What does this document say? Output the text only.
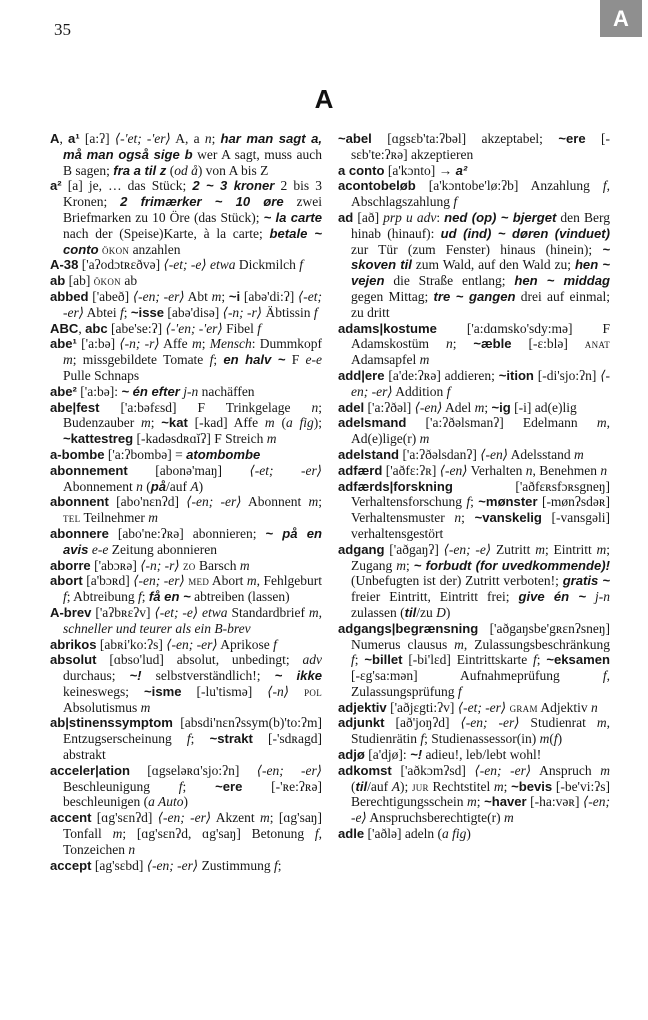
35	A
A

A, a¹ [a:ʔ] ⟨-'et; -'er⟩ A, a n; har man sagt a, må man også sige b wer A sagt, muss auch B sagen; fra a til z (od å) von A bis Z

a² [a] je, … das Stück; 2 ~ 3 kroner 2 bis 3 Kronen; 2 frimærker ~ 10 øre zwei Briefmarken zu 10 Öre (das Stück); ~ la carte nach der (Speise)Karte, à la carte; betale ~ conto ökon anzahlen

A-38 ['aʔodɔtʀɛðvə] ⟨-et; -e⟩ etwa Dickmilch f

ab [ab] ökon ab

abbed ['abeð] ⟨-en; -er⟩ Abt m; ~i [abə'di:ʔ] ⟨-et; -er⟩ Abtei f; ~isse [abə'disə] ⟨-n; -r⟩ Äbtissin f

ABC, abc [abe'se:ʔ] ⟨-'en; -'er⟩ Fibel f

abe¹ ['a:bə] ⟨-n; -r⟩ Affe m; Mensch: Dummkopf m; missgebildete Tomate f; en halv ~ F e-e Pulle Schnaps

abe² ['a:bə]: ~ én efter j-n nachäffen

abe|fest ['a:bəfɛsd] F Trinkgelage n; Budenzauber m; ~kat [-kad] Affe m (a fig); ~kattestreg [-kadəsdʀɑĭʔ] F Streich m

a-bombe ['a:ʔbombə] = atombombe

abonnement [abonə'maŋ] ⟨-et; -er⟩ Abonnement n (på/auf A)

abonnent [abo'nɛnʔd] ⟨-en; -er⟩ Abonnent m; tel Teilnehmer m

abonnere [abo'ne:ʔʀə] abonnieren; ~ på en avis e-e Zeitung abonnieren

aborre ['abɔʀə] ⟨-n; -r⟩ zo Barsch m

abort [a'bɔʀd] ⟨-en; -er⟩ med Abort m, Fehlgeburt f; Abtreibung f; få en ~ abtreiben (lassen)

A-brev ['aʔbʀɛʔv] ⟨-et; -e⟩ etwa Standardbrief m, schneller und teurer als ein B-brev

abrikos [abʀi'ko:ʔs] ⟨-en; -er⟩ Aprikose f

absolut [ɑbso'lud] absolut, unbedingt; adv durchaus; ~! selbstverständlich!; ~ ikke keineswegs; ~isme [-lu'tismə] ⟨-n⟩ pol Absolutismus m

ab|stinenssymptom [absdi'nɛnʔssym(b)'to:ʔm] Entzugserscheinung f; ~strakt [-'sdʀagd] abstrakt

acceler|ation [ɑgseləʀɑ'sjo:ʔn] ⟨-en; -er⟩ Beschleunigung f; ~ere [-'ʀe:ʔʀə] beschleunigen (a Auto)

accent [ɑg'sɛnʔd] ⟨-en; -er⟩ Akzent m; [ɑg'saŋ] Tonfall m; [ɑg'sɛnʔd, ɑg'saŋ] Betonung f, Tonzeichen n

accept [ag'sɛbd] ⟨-en; -er⟩ Zustimmung f;

~abel [ɑgsɛb'ta:ʔbəl] akzeptabel; ~ere [-sɛb'te:ʔʀə] akzeptieren

a conto [a'kɔnto] → a²

acontobeløb [a'kɔntobe'lø:ʔb] Anzahlung f, Abschlagszahlung f

ad [að] prp u adv: ned (op) ~ bjerget den Berg hinab (hinauf): ud (ind) ~ døren (vinduet) zur Tür (zum Fenster) hinaus (hinein); ~ skoven til zum Wald, auf den Wald zu; hen ~ vejen die Straße entlang; hen ~ middag gegen Mittag; tre ~ gangen drei auf einmal; zu dritt

adams|kostume ['a:dɑmsko'sdy:mə] F Adamskostüm n; ~æble [-ɛ:blə] anat Adamsapfel m

add|ere [a'de:ʔʀə] addieren; ~ition [-di'sjo:ʔn] ⟨-en; -er⟩ Addition f

adel ['a:ʔðəl] ⟨-en⟩ Adel m; ~ig [-i] ad(e)lig

adelsmand ['a:ʔðəlsmanʔ] Edelmann m, Ad(e)lige(r) m

adelstand ['a:ʔðəlsdanʔ] ⟨-en⟩ Adelsstand m

adfærd ['aðfɛ:ʔʀ] ⟨-en⟩ Verhalten n, Benehmen n

adfærds|forskning ['aðfɛʀsfɔʀsgneŋ] Verhaltensforschung f; ~mønster [-mønʔsdəʀ] Verhaltensmuster n; ~vanskelig [-vansgəli] verhaltensgestört

adgang ['aðgaŋʔ] ⟨-en; -e⟩ Zutritt m; Eintritt m; Zugang m; ~ forbudt (for uvedkommende)! (Unbefugten ist der) Zutritt verboten!; gratis ~ freier Eintritt, Eintritt frei; give én ~ j-n zulassen (til/zu D)

adgangs|begrænsning ['aðgaŋsbe'gʀɛnʔsneŋ] Numerus clausus m, Zulassungsbeschränkung f; ~billet [-bi'lɛd] Eintrittskarte f; ~eksamen [-ɛg'sa:mən] Aufnahmeprüfung f, Zulassungsprüfung f

adjektiv ['aðjɛgti:ʔv] ⟨-et; -er⟩ gram Adjektiv n

adjunkt [að'joŋʔd] ⟨-en; -er⟩ Studienrat m, Studienrätin f; Studienassessor(in) m(f)

adjø [a'djø]: ~! adieu!, leb/lebt wohl!

adkomst ['aðkɔmʔsd] ⟨-en; -er⟩ Anspruch m (til/auf A); jur Rechtstitel m; ~bevis [-be'vi:ʔs] Berechtigungsschein m; ~haver [-ha:vəʀ] ⟨-en; -e⟩ Anspruchsberechtigte(r) m

adle ['aðlə] adeln (a fig)
